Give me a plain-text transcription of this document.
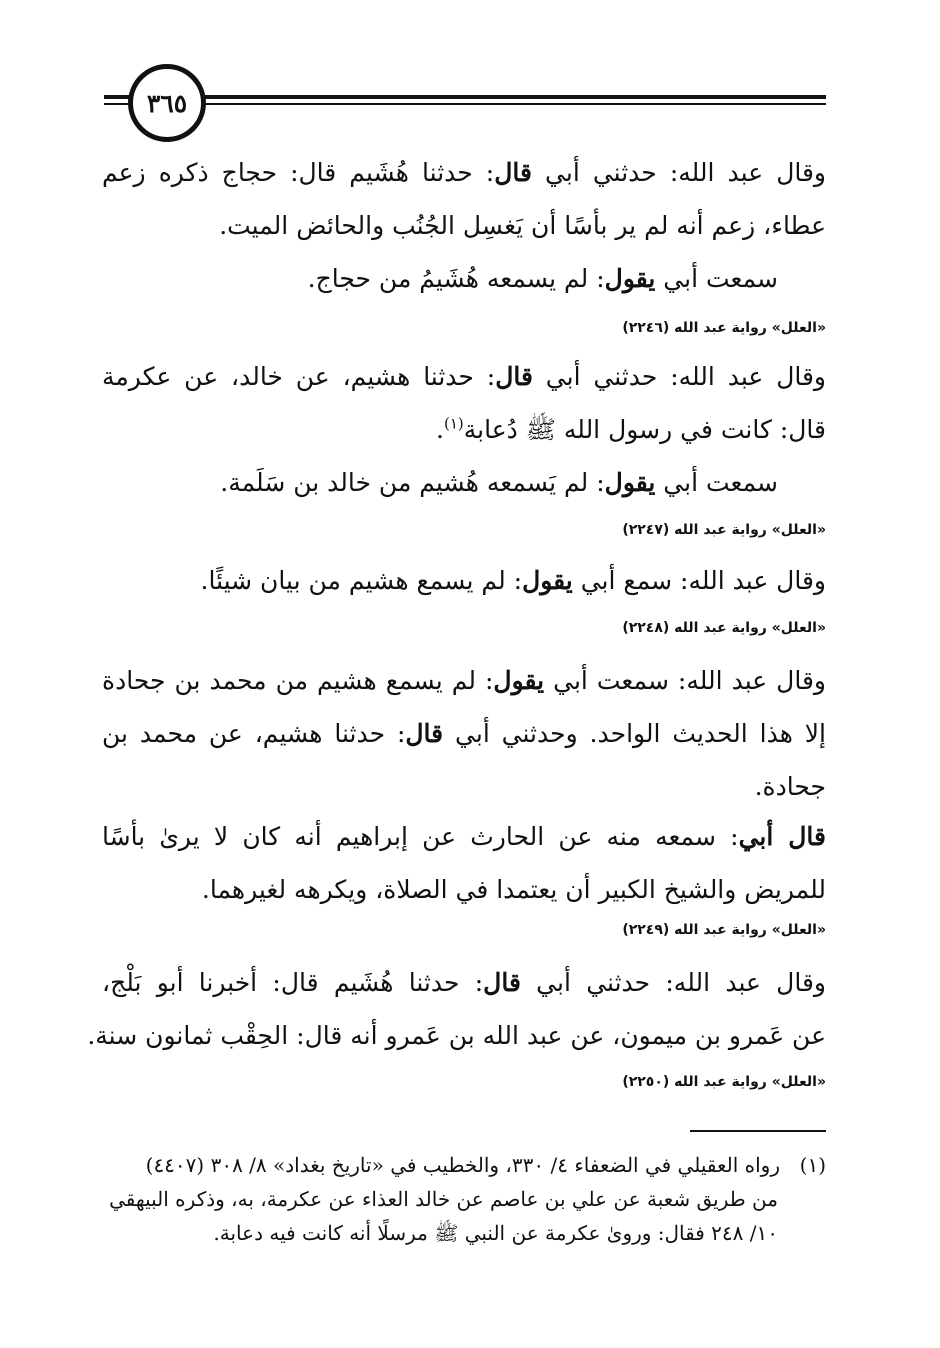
٣٦٥
وقال عبد الله: حدثني أبي قال: حدثنا هُشَيم قال: حجاج ذكره زعم
عطاء، زعم أنه لم ير بأسًا أن يَغسِل الجُنُب والحائض الميت.
سمعت أبي يقول: لم يسمعه هُشَيمُ من حجاج.
«العلل» رواية عبد الله (٢٢٤٦)
وقال عبد الله: حدثني أبي قال: حدثنا هشيم، عن خالد، عن عكرمة
قال: كانت في رسول الله ﷺ دُعابة$^{(١)}$.
سمعت أبي يقول: لم يَسمعه هُشيم من خالد بن سَلَمة.
«العلل» رواية عبد الله (٢٢٤٧)
وقال عبد الله: سمع أبي يقول: لم يسمع هشيم من بيان شيئًا.
«العلل» رواية عبد الله (٢٢٤٨)
وقال عبد الله: سمعت أبي يقول: لم يسمع هشيم من محمد بن جحادة
إلا هذا الحديث الواحد. وحدثني أبي قال: حدثنا هشيم، عن محمد بن
جحادة.
قال أبي: سمعه منه عن الحارث عن إبراهيم أنه كان لا يرىٰ بأسًا
للمريض والشيخ الكبير أن يعتمدا في الصلاة، ويكرهه لغيرهما.
«العلل» رواية عبد الله (٢٢٤٩)
وقال عبد الله: حدثني أبي قال: حدثنا هُشَيم قال: أخبرنا أبو بَلْج،
عن عَمرو بن ميمون، عن عبد الله بن عَمرو أنه قال: الحِقْب ثمانون سنة.
«العلل» رواية عبد الله (٢٢٥٠)
(١)رواه العقيلي في الضعفاء ٤/ ٣٣٠، والخطيب في «تاريخ بغداد» ٨/ ٣٠٨ (٤٤٠٧)
من طريق شعبة عن علي بن عاصم عن خالد العذاء عن عكرمة، به، وذكره البيهقي
١٠/ ٢٤٨ فقال: وروىٰ عكرمة عن النبي ﷺ مرسلًا أنه كانت فيه دعابة.
